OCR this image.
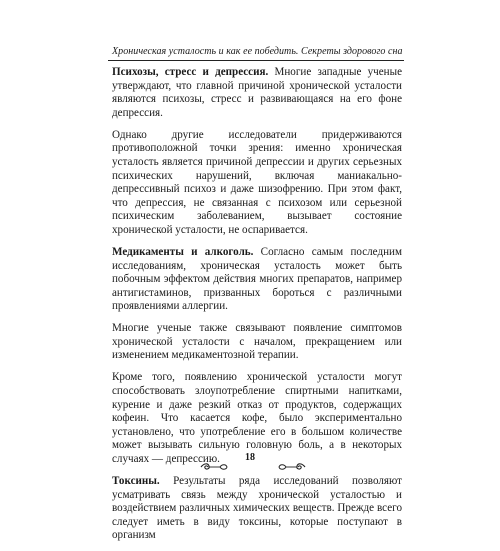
Хроническая усталость и как ее победить. Секреты здорового сна

Психозы, стресс и депрессия. Многие западные ученые утверждают, что главной причиной хронической усталости являются психозы, стресс и развивающаяся на его фоне депрессия.

Однако другие исследователи придерживаются противоположной точки зрения: именно хроническая усталость является причиной депрессии и других серьезных психических нарушений, включая маниакально-депрессивный психоз и даже шизофрению. При этом факт, что депрессия, не связанная с психозом или серьезной психическим заболеванием, вызывает состояние хронической усталости, не оспаривается.

Медикаменты и алкоголь. Согласно самым последним исследованиям, хроническая усталость может быть побочным эффектом действия многих препаратов, например антигистаминов, призванных бороться с различными проявлениями аллергии.

Многие ученые также связывают появление симптомов хронической усталости с началом, прекращением или изменением медикаментозной терапии.

Кроме того, появлению хронической усталости могут способствовать злоупотребление спиртными напитками, курение и даже резкий отказ от продуктов, содержащих кофеин. Что касается кофе, было экспериментально установлено, что употребление его в большом количестве может вызывать сильную головную боль, а в некоторых случаях — депрессию.

Токсины. Результаты ряда исследований позволяют усматривать связь между хронической усталостью и воздействием различных химических веществ. Прежде всего следует иметь в виду токсины, которые поступают в организм

18
